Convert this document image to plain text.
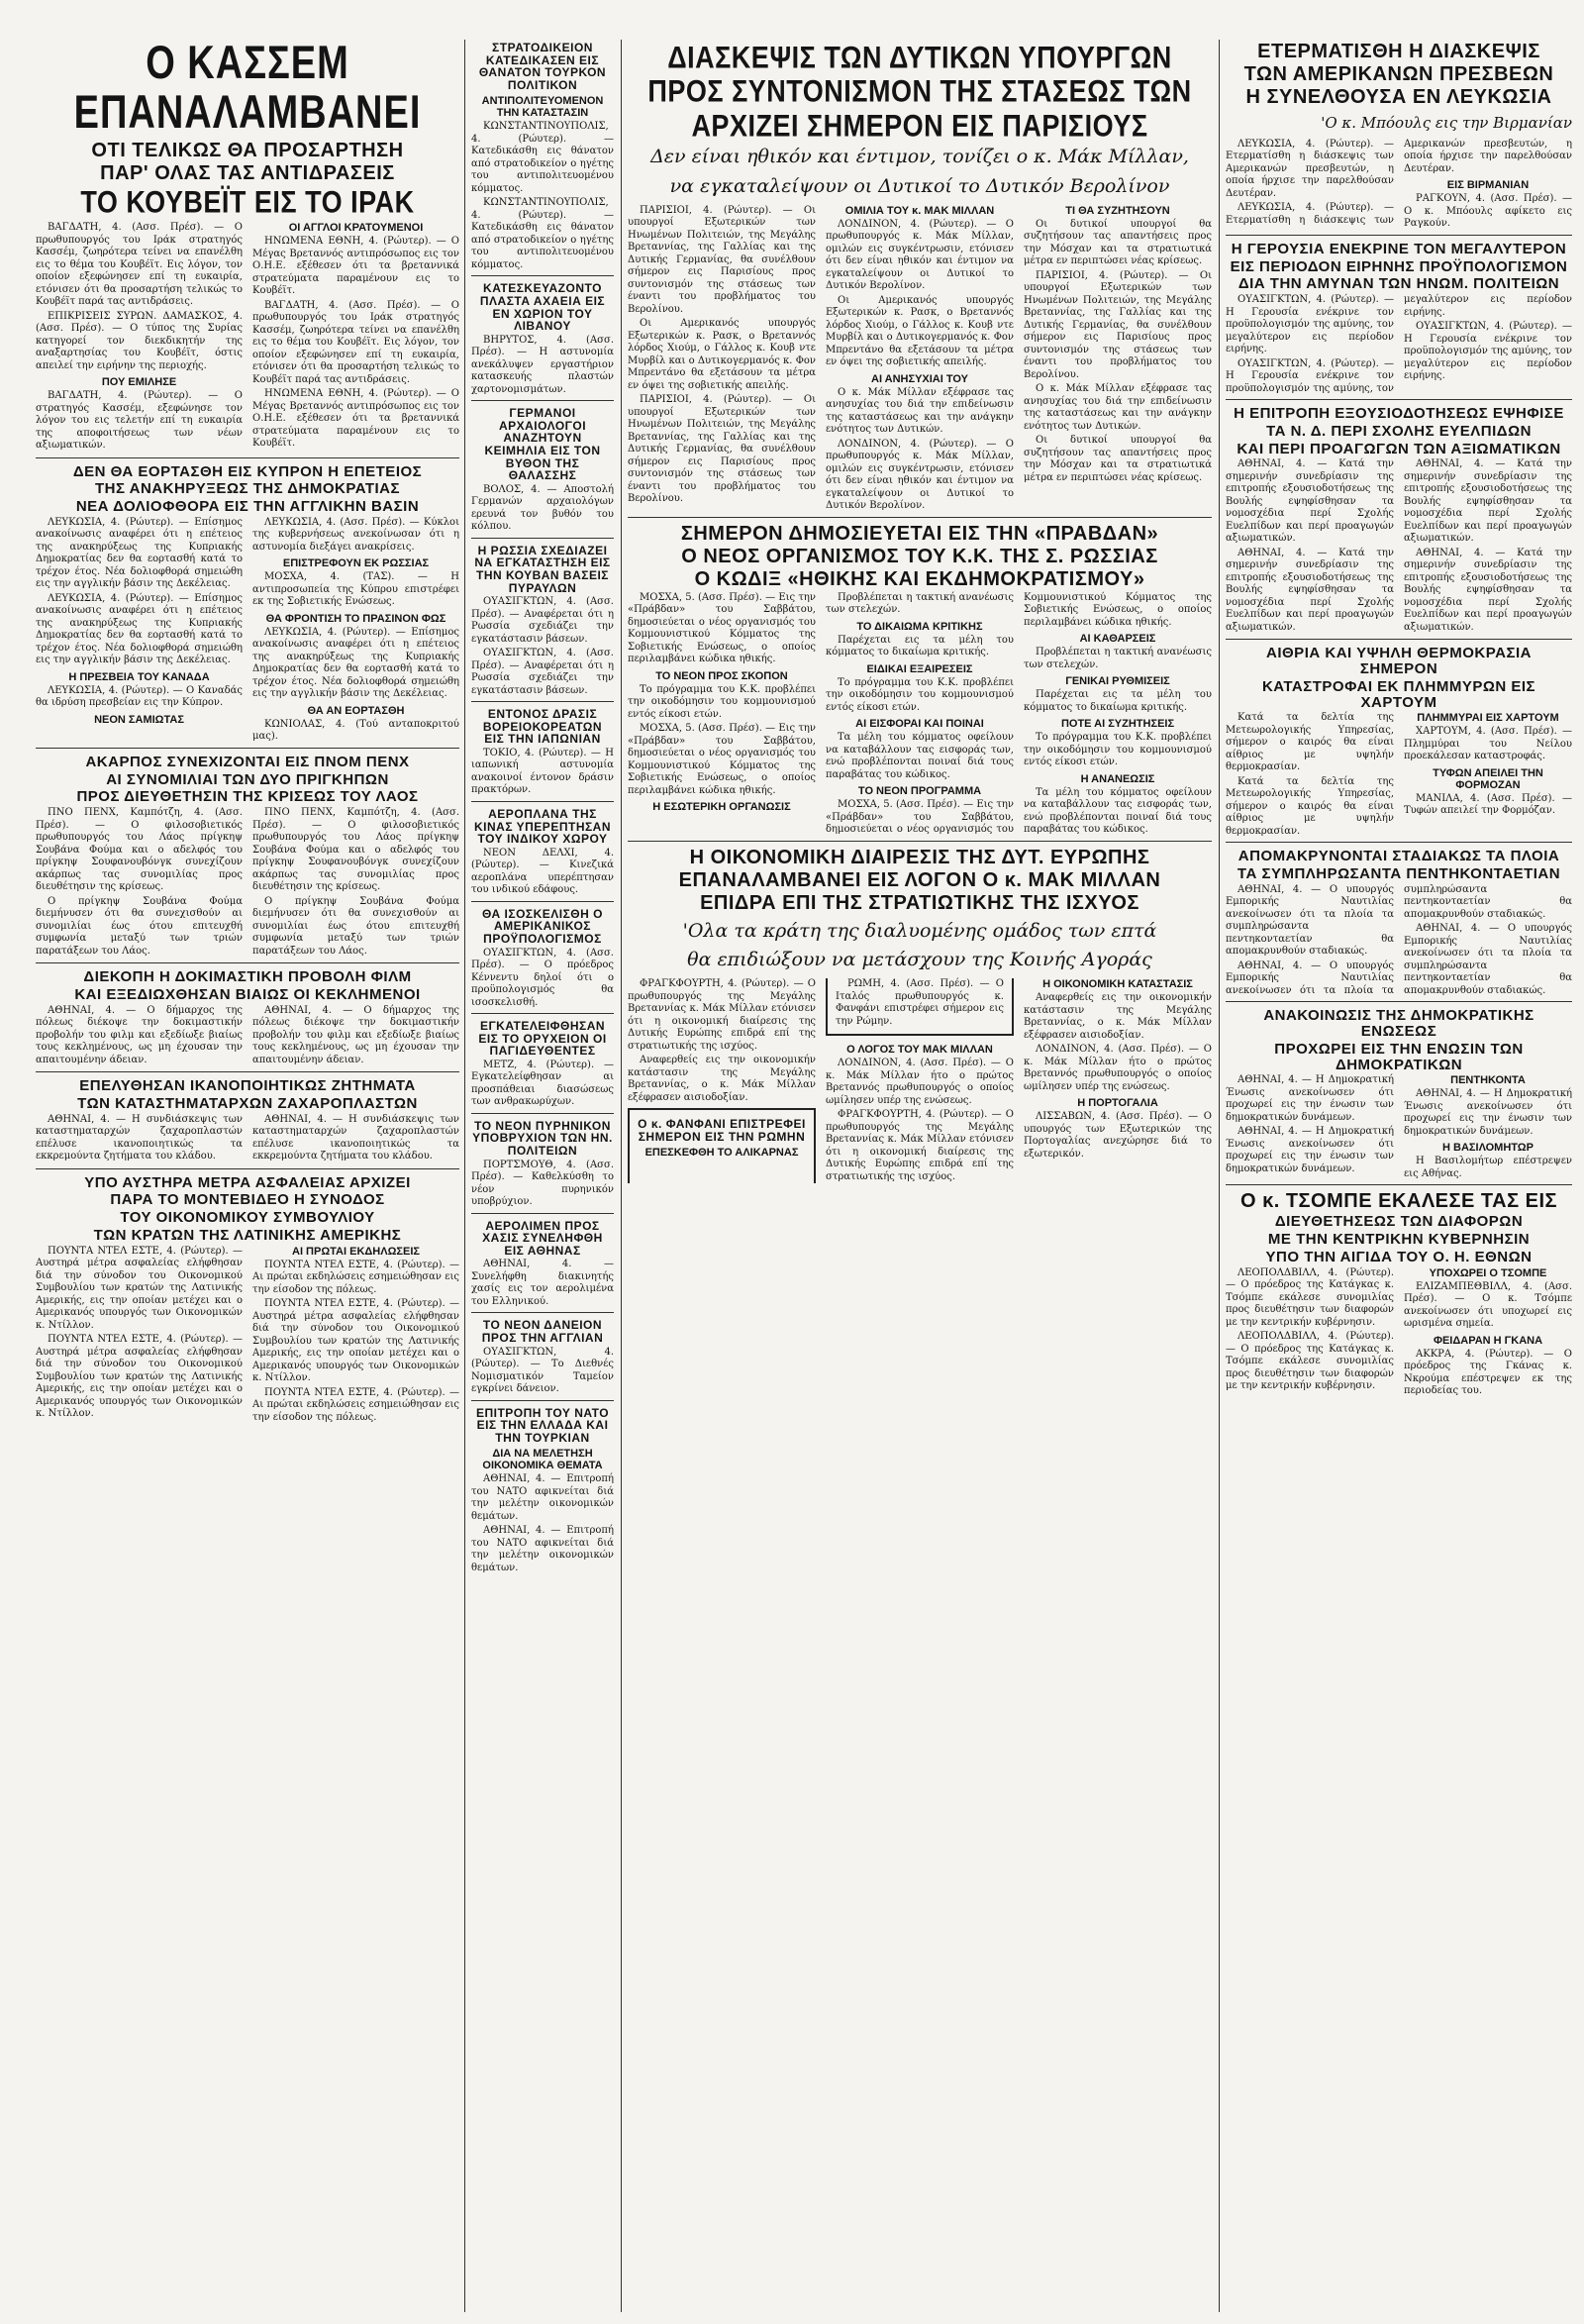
Ο ΚΑΣΣΕΜ ΕΠΑΝΑΛΑΜΒΑΝΕΙ
ΟΤΙ ΤΕΛΙΚΩΣ ΘΑ ΠΡΟΣΑΡΤΗΣΗ
ΠΑΡ' ΟΛΑΣ ΤΑΣ ΑΝΤΙΔΡΑΣΕΙΣ
ΤΟ ΚΟΥΒΕΪΤ ΕΙΣ ΤΟ ΙΡΑΚ

ΒΑΓΔΑΤΗ, 4. (Ασσ. Πρέσ). — Ο πρωθυπουργός του Ιράκ στρατηγός Κασσέμ, ζωηρότερα τείνει να επανέλθη εις το θέμα του Κουβέϊτ. Εις λόγον, τον οποίον εξεφώνησεν επί τη ευκαιρία, ετόνισεν ότι θα προσαρτήση τελικώς το Κουβέϊτ παρά τας αντιδράσεις.

ΕΠΙΚΡΙΣΕΙΣ ΣΥΡΩΝ. ΔΑΜΑΣΚΟΣ, 4. (Ασσ. Πρέσ). — Ο τύπος της Συρίας κατηγορεί τον διεκδικητήν της αναξαρτησίας του Κουβέϊτ, όστις απειλεί την ειρήνην της περιοχής.

ΠΟΥ ΕΜΙΛΗΣΕ

ΒΑΓΔΑΤΗ, 4. (Ρώυτερ). — Ο στρατηγός Κασσέμ, εξεφώνησε τον λόγον του εις τελετήν επί τη ευκαιρία της αποφοιτήσεως των νέων αξιωματικών.

ΟΙ ΑΓΓΛΟΙ ΚΡΑΤΟΥΜΕΝΟΙ

ΗΝΩΜΕΝΑ ΕΘΝΗ, 4. (Ρώυτερ). — Ο Μέγας Βρεταννός αντιπρόσωπος εις τον Ο.Η.Ε. εξέθεσεν ότι τα βρεταννικά στρατεύματα παραμένουν εις το Κουβέϊτ.

ΒΑΓΔΑΤΗ, 4. (Ασσ. Πρέσ). — Ο πρωθυπουργός του Ιράκ στρατηγός Κασσέμ, ζωηρότερα τείνει να επανέλθη εις το θέμα του Κουβέϊτ. Εις λόγον, τον οποίον εξεφώνησεν επί τη ευκαιρία, ετόνισεν ότι θα προσαρτήση τελικώς το Κουβέϊτ παρά τας αντιδράσεις.

ΗΝΩΜΕΝΑ ΕΘΝΗ, 4. (Ρώυτερ). — Ο Μέγας Βρεταννός αντιπρόσωπος εις τον Ο.Η.Ε. εξέθεσεν ότι τα βρεταννικά στρατεύματα παραμένουν εις το Κουβέϊτ.

ΔΕΝ ΘΑ ΕΟΡΤΑΣΘΗ ΕΙΣ ΚΥΠΡΟΝ Η ΕΠΕΤΕΙΟΣ
ΤΗΣ ΑΝΑΚΗΡΥΞΕΩΣ ΤΗΣ ΔΗΜΟΚΡΑΤΙΑΣ
ΝΕΑ ΔΟΛΙΟΦΘΟΡΑ ΕΙΣ ΤΗΝ ΑΓΓΛΙΚΗΝ ΒΑΣΙΝ

ΛΕΥΚΩΣΙΑ, 4. (Ρώυτερ). — Επίσημος ανακοίνωσις αναφέρει ότι η επέτειος της ανακηρύξεως της Κυπριακής Δημοκρατίας δεν θα εορτασθή κατά το τρέχον έτος. Νέα δολιοφθορά σημειώθη εις την αγγλικήν βάσιν της Δεκέλειας.

ΛΕΥΚΩΣΙΑ, 4. (Ρώυτερ). — Επίσημος ανακοίνωσις αναφέρει ότι η επέτειος της ανακηρύξεως της Κυπριακής Δημοκρατίας δεν θα εορτασθή κατά το τρέχον έτος. Νέα δολιοφθορά σημειώθη εις την αγγλικήν βάσιν της Δεκέλειας.

Η ΠΡΕΣΒΕΙΑ ΤΟΥ ΚΑΝΑΔΑ

ΛΕΥΚΩΣΙΑ, 4. (Ρώυτερ). — Ο Καναδάς θα ιδρύση πρεσβείαν εις την Κύπρον.

ΝΕΟΝ ΣΑΜΙΩΤΑΣ

ΛΕΥΚΩΣΙΑ, 4. (Ασσ. Πρέσ). — Κύκλοι της κυβερνήσεως ανεκοίνωσαν ότι η αστυνομία διεξάγει ανακρίσεις.

ΕΠΙΣΤΡΕΦΟΥΝ ΕΚ ΡΩΣΣΙΑΣ

ΜΟΣΧΑ, 4. (ΤΑΣ). — Η αντιπροσωπεία της Κύπρου επιστρέφει εκ της Σοβιετικής Ενώσεως.

ΘΑ ΦΡΟΝΤΙΣΗ ΤΟ ΠΡΑΣΙΝΟΝ ΦΩΣ

ΛΕΥΚΩΣΙΑ, 4. (Ρώυτερ). — Επίσημος ανακοίνωσις αναφέρει ότι η επέτειος της ανακηρύξεως της Κυπριακής Δημοκρατίας δεν θα εορτασθή κατά το τρέχον έτος. Νέα δολιοφθορά σημειώθη εις την αγγλικήν βάσιν της Δεκέλειας.

ΘΑ ΑΝ ΕΟΡΤΑΣΘΗ

ΚΩΝΙΟΛΑΣ, 4. (Τού ανταποκριτού μας).

ΑΚΑΡΠΟΣ ΣΥΝΕΧΙΖΟΝΤΑΙ ΕΙΣ ΠΝΟΜ ΠΕΝΧ
ΑΙ ΣΥΝΟΜΙΛΙΑΙ ΤΩΝ ΔΥΟ ΠΡΙΓΚΗΠΩΝ
ΠΡΟΣ ΔΙΕΥΘΕΤΗΣΙΝ ΤΗΣ ΚΡΙΣΕΩΣ ΤΟΥ ΛΑΟΣ

ΠΝΟ ΠΕΝΧ, Καμπότζη, 4. (Ασσ. Πρέσ). — Ο φιλοσοβιετικός πρωθυπουργός του Λάος πρίγκηψ Σουβάνα Φούμα και ο αδελφός του πρίγκηψ Σουφανουβόνγκ συνεχίζουν ακάρπως τας συνομιλίας προς διευθέτησιν της κρίσεως.

Ο πρίγκηψ Σουβάνα Φούμα διεμήνυσεν ότι θα συνεχισθούν αι συνομιλίαι έως ότου επιτευχθή συμφωνία μεταξύ των τριών παρατάξεων του Λάος.

ΠΝΟ ΠΕΝΧ, Καμπότζη, 4. (Ασσ. Πρέσ). — Ο φιλοσοβιετικός πρωθυπουργός του Λάος πρίγκηψ Σουβάνα Φούμα και ο αδελφός του πρίγκηψ Σουφανουβόνγκ συνεχίζουν ακάρπως τας συνομιλίας προς διευθέτησιν της κρίσεως.

Ο πρίγκηψ Σουβάνα Φούμα διεμήνυσεν ότι θα συνεχισθούν αι συνομιλίαι έως ότου επιτευχθή συμφωνία μεταξύ των τριών παρατάξεων του Λάος.

ΔΙΕΚΟΠΗ Η ΔΟΚΙΜΑΣΤΙΚΗ ΠΡΟΒΟΛΗ ΦΙΛΜ
ΚΑΙ ΕΞΕΔΙΩΧΘΗΣΑΝ ΒΙΑΙΩΣ ΟΙ ΚΕΚΛΗΜΕΝΟΙ

ΑΘΗΝΑΙ, 4. — Ο δήμαρχος της πόλεως διέκοψε την δοκιμαστικήν προβολήν του φιλμ και εξεδίωξε βιαίως τους κεκλημένους, ως μη έχουσαν την απαιτουμένην άδειαν.

ΑΘΗΝΑΙ, 4. — Ο δήμαρχος της πόλεως διέκοψε την δοκιμαστικήν προβολήν του φιλμ και εξεδίωξε βιαίως τους κεκλημένους, ως μη έχουσαν την απαιτουμένην άδειαν.

ΕΠΕΛΥΘΗΣΑΝ ΙΚΑΝΟΠΟΙΗΤΙΚΩΣ ΖΗΤΗΜΑΤΑ
ΤΩΝ ΚΑΤΑΣΤΗΜΑΤΑΡΧΩΝ ΖΑΧΑΡΟΠΛΑΣΤΩΝ

ΑΘΗΝΑΙ, 4. — Η συνδιάσκεψις των καταστηματαρχών ζαχαροπλαστών επέλυσε ικανοποιητικώς τα εκκρεμούντα ζητήματα του κλάδου.

ΑΘΗΝΑΙ, 4. — Η συνδιάσκεψις των καταστηματαρχών ζαχαροπλαστών επέλυσε ικανοποιητικώς τα εκκρεμούντα ζητήματα του κλάδου.

ΥΠΟ ΑΥΣΤΗΡΑ ΜΕΤΡΑ ΑΣΦΑΛΕΙΑΣ ΑΡΧΙΖΕΙ
ΠΑΡΑ ΤΟ ΜΟΝΤΕΒΙΔΕΟ Η ΣΥΝΟΔΟΣ
ΤΟΥ ΟΙΚΟΝΟΜΙΚΟΥ ΣΥΜΒΟΥΛΙΟΥ
ΤΩΝ ΚΡΑΤΩΝ ΤΗΣ ΛΑΤΙΝΙΚΗΣ ΑΜΕΡΙΚΗΣ

ΠΟΥΝΤΑ ΝΤΕΛ ΕΣΤΕ, 4. (Ρώυτερ). — Αυστηρά μέτρα ασφαλείας ελήφθησαν διά την σύνοδον του Οικονομικού Συμβουλίου των κρατών της Λατινικής Αμερικής, εις την οποίαν μετέχει και ο Αμερικανός υπουργός των Οικονομικών κ. Ντίλλον.

ΠΟΥΝΤΑ ΝΤΕΛ ΕΣΤΕ, 4. (Ρώυτερ). — Αυστηρά μέτρα ασφαλείας ελήφθησαν διά την σύνοδον του Οικονομικού Συμβουλίου των κρατών της Λατινικής Αμερικής, εις την οποίαν μετέχει και ο Αμερικανός υπουργός των Οικονομικών κ. Ντίλλον.

ΑΙ ΠΡΩΤΑΙ ΕΚΔΗΛΩΣΕΙΣ

ΠΟΥΝΤΑ ΝΤΕΛ ΕΣΤΕ, 4. (Ρώυτερ). — Αι πρώται εκδηλώσεις εσημειώθησαν εις την είσοδον της πόλεως.

ΠΟΥΝΤΑ ΝΤΕΛ ΕΣΤΕ, 4. (Ρώυτερ). — Αυστηρά μέτρα ασφαλείας ελήφθησαν διά την σύνοδον του Οικονομικού Συμβουλίου των κρατών της Λατινικής Αμερικής, εις την οποίαν μετέχει και ο Αμερικανός υπουργός των Οικονομικών κ. Ντίλλον.

ΠΟΥΝΤΑ ΝΤΕΛ ΕΣΤΕ, 4. (Ρώυτερ). — Αι πρώται εκδηλώσεις εσημειώθησαν εις την είσοδον της πόλεως.

ΣΤΡΑΤΟΔΙΚΕΙΟΝ ΚΑΤΕΔΙΚΑΣΕΝ ΕΙΣ ΘΑΝΑΤΟΝ ΤΟΥΡΚΟΝ ΠΟΛΙΤΙΚΟΝ
ΑΝΤΙΠΟΛΙΤΕΥΟΜΕΝΟΝ ΤΗΝ ΚΑΤΑΣΤΑΣΙΝ

ΚΩΝΣΤΑΝΤΙΝΟΥΠΟΛΙΣ, 4. (Ρώυτερ). — Κατεδικάσθη εις θάνατον από στρατοδικείον ο ηγέτης του αντιπολιτευομένου κόμματος.

ΚΩΝΣΤΑΝΤΙΝΟΥΠΟΛΙΣ, 4. (Ρώυτερ). — Κατεδικάσθη εις θάνατον από στρατοδικείον ο ηγέτης του αντιπολιτευομένου κόμματος.

ΚΑΤΕΣΚΕΥΑΖΟΝΤΟ ΠΛΑΣΤΑ ΑΧΑΕΙΑ ΕΙΣ ΕΝ ΧΩΡΙΟΝ ΤΟΥ ΛΙΒΑΝΟΥ

ΒΗΡΥΤΟΣ, 4. (Ασσ. Πρέσ). — Η αστυνομία ανεκάλυψεν εργαστήριον κατασκευής πλαστών χαρτονομισμάτων.

ΓΕΡΜΑΝΟΙ ΑΡΧΑΙΟΛΟΓΟΙ ΑΝΑΖΗΤΟΥΝ ΚΕΙΜΗΛΙΑ ΕΙΣ ΤΟΝ ΒΥΘΟΝ ΤΗΣ ΘΑΛΑΣΣΗΣ

ΒΟΛΟΣ, 4. — Αποστολή Γερμανών αρχαιολόγων ερευνά τον βυθόν του κόλπου.

Η ΡΩΣΣΙΑ ΣΧΕΔΙΑΖΕΙ ΝΑ ΕΓΚΑΤΑΣΤΗΣΗ ΕΙΣ ΤΗΝ ΚΟΥΒΑΝ ΒΑΣΕΙΣ ΠΥΡΑΥΛΩΝ

ΟΥΑΣΙΓΚΤΩΝ, 4. (Ασσ. Πρέσ). — Αναφέρεται ότι η Ρωσσία σχεδιάζει την εγκατάστασιν βάσεων.

ΟΥΑΣΙΓΚΤΩΝ, 4. (Ασσ. Πρέσ). — Αναφέρεται ότι η Ρωσσία σχεδιάζει την εγκατάστασιν βάσεων.

ΕΝΤΟΝΟΣ ΔΡΑΣΙΣ ΒΟΡΕΙΟΚΟΡΕΑΤΩΝ ΕΙΣ ΤΗΝ ΙΑΠΩΝΙΑΝ

ΤΟΚΙΟ, 4. (Ρώυτερ). — Η ιαπωνική αστυνομία ανακοινοί έντονον δράσιν πρακτόρων.

ΑΕΡΟΠΛΑΝΑ ΤΗΣ ΚΙΝΑΣ ΥΠΕΡΕΠΤΗΣΑΝ ΤΟΥ ΙΝΔΙΚΟΥ ΧΩΡΟΥ

ΝΕΟΝ ΔΕΛΧΙ, 4. (Ρώυτερ). — Κινεζικά αεροπλάνα υπερέπτησαν του ινδικού εδάφους.

ΘΑ ΙΣΟΣΚΕΛΙΣΘΗ Ο ΑΜΕΡΙΚΑΝΙΚΟΣ ΠΡΟΫΠΟΛΟΓΙΣΜΟΣ

ΟΥΑΣΙΓΚΤΩΝ, 4. (Ασσ. Πρέσ). — Ο πρόεδρος Κέννεντυ δηλοί ότι ο προϋπολογισμός θα ισοσκελισθή.

ΕΓΚΑΤΕΛΕΙΦΘΗΣΑΝ ΕΙΣ ΤΟ ΟΡΥΧΕΙΟΝ ΟΙ ΠΑΓΙΔΕΥΘΕΝΤΕΣ

ΜΕΤΖ, 4. (Ρώυτερ). — Εγκατελείφθησαν αι προσπάθειαι διασώσεως των ανθρακωρύχων.

ΤΟ ΝΕΟΝ ΠΥΡΗΝΙΚΟΝ ΥΠΟΒΡΥΧΙΟΝ ΤΩΝ ΗΝ. ΠΟΛΙΤΕΙΩΝ

ΠΟΡΤΣΜΟΥΘ, 4. (Ασσ. Πρέσ). — Καθελκύσθη το νέον πυρηνικόν υποβρύχιον.

ΑΕΡΟΛΙΜΕΝ ΠΡΟΣ ΧΑΣΙΣ ΣΥΝΕΛΗΦΘΗ ΕΙΣ ΑΘΗΝΑΣ

ΑΘΗΝΑΙ, 4. — Συνελήφθη διακινητής χασίς εις τον αερολιμένα του Ελληνικού.

ΤΟ ΝΕΟΝ ΔΑΝΕΙΟΝ ΠΡΟΣ ΤΗΝ ΑΓΓΛΙΑΝ

ΟΥΑΣΙΓΚΤΩΝ, 4. (Ρώυτερ). — Το Διεθνές Νομισματικόν Ταμείον εγκρίνει δάνειον.

ΕΠΙΤΡΟΠΗ ΤΟΥ ΝΑΤΟ ΕΙΣ ΤΗΝ ΕΛΛΑΔΑ ΚΑΙ ΤΗΝ ΤΟΥΡΚΙΑΝ
ΔΙΑ ΝΑ ΜΕΛΕΤΗΣΗ ΟΙΚΟΝΟΜΙΚΑ ΘΕΜΑΤΑ

ΑΘΗΝΑΙ, 4. — Επιτροπή του ΝΑΤΟ αφικνείται διά την μελέτην οικονομικών θεμάτων.

ΑΘΗΝΑΙ, 4. — Επιτροπή του ΝΑΤΟ αφικνείται διά την μελέτην οικονομικών θεμάτων.

ΔΙΑΣΚΕΨΙΣ ΤΩΝ ΔΥΤΙΚΩΝ ΥΠΟΥΡΓΩΝ
ΠΡΟΣ ΣΥΝΤΟΝΙΣΜΟΝ ΤΗΣ ΣΤΑΣΕΩΣ ΤΩΝ
ΑΡΧΙΖΕΙ ΣΗΜΕΡΟΝ ΕΙΣ ΠΑΡΙΣΙΟΥΣ
Δεν είναι ηθικόν και έντιμον, τονίζει ο κ. Μάκ Μίλλαν,
να εγκαταλείψουν οι Δυτικοί το Δυτικόν Βερολίνον

ΠΑΡΙΣΙΟΙ, 4. (Ρώυτερ). — Οι υπουργοί Εξωτερικών των Ηνωμένων Πολιτειών, της Μεγάλης Βρεταννίας, της Γαλλίας και της Δυτικής Γερμανίας, θα συνέλθουν σήμερον εις Παρισίους προς συντονισμόν της στάσεως των έναντι του προβλήματος του Βερολίνου.

Οι Αμερικανός υπουργός Εξωτερικών κ. Ρασκ, ο Βρεταννός λόρδος Χιούμ, ο Γάλλος κ. Κουβ ντε Μυρβίλ και ο Δυτικογερμανός κ. Φον Μπρεντάνο θα εξετάσουν τα μέτρα εν όψει της σοβιετικής απειλής.

ΠΑΡΙΣΙΟΙ, 4. (Ρώυτερ). — Οι υπουργοί Εξωτερικών των Ηνωμένων Πολιτειών, της Μεγάλης Βρεταννίας, της Γαλλίας και της Δυτικής Γερμανίας, θα συνέλθουν σήμερον εις Παρισίους προς συντονισμόν της στάσεως των έναντι του προβλήματος του Βερολίνου.

ΟΜΙΛΙΑ ΤΟΥ κ. ΜΑΚ ΜΙΛΛΑΝ

ΛΟΝΔΙΝΟΝ, 4. (Ρώυτερ). — Ο πρωθυπουργός κ. Μάκ Μίλλαν, ομιλών εις συγκέντρωσιν, ετόνισεν ότι δεν είναι ηθικόν και έντιμον να εγκαταλείψουν οι Δυτικοί το Δυτικόν Βερολίνον.

Οι Αμερικανός υπουργός Εξωτερικών κ. Ρασκ, ο Βρεταννός λόρδος Χιούμ, ο Γάλλος κ. Κουβ ντε Μυρβίλ και ο Δυτικογερμανός κ. Φον Μπρεντάνο θα εξετάσουν τα μέτρα εν όψει της σοβιετικής απειλής.

ΑΙ ΑΝΗΣΥΧΙΑΙ ΤΟΥ

Ο κ. Μάκ Μίλλαν εξέφρασε τας ανησυχίας του διά την επιδείνωσιν της καταστάσεως και την ανάγκην ενότητος των Δυτικών.

ΛΟΝΔΙΝΟΝ, 4. (Ρώυτερ). — Ο πρωθυπουργός κ. Μάκ Μίλλαν, ομιλών εις συγκέντρωσιν, ετόνισεν ότι δεν είναι ηθικόν και έντιμον να εγκαταλείψουν οι Δυτικοί το Δυτικόν Βερολίνον.

ΤΙ ΘΑ ΣΥΖΗΤΗΣΟΥΝ

Οι δυτικοί υπουργοί θα συζητήσουν τας απαντήσεις προς την Μόσχαν και τα στρατιωτικά μέτρα εν περιπτώσει νέας κρίσεως.

ΠΑΡΙΣΙΟΙ, 4. (Ρώυτερ). — Οι υπουργοί Εξωτερικών των Ηνωμένων Πολιτειών, της Μεγάλης Βρεταννίας, της Γαλλίας και της Δυτικής Γερμανίας, θα συνέλθουν σήμερον εις Παρισίους προς συντονισμόν της στάσεως των έναντι του προβλήματος του Βερολίνου.

Ο κ. Μάκ Μίλλαν εξέφρασε τας ανησυχίας του διά την επιδείνωσιν της καταστάσεως και την ανάγκην ενότητος των Δυτικών.

Οι δυτικοί υπουργοί θα συζητήσουν τας απαντήσεις προς την Μόσχαν και τα στρατιωτικά μέτρα εν περιπτώσει νέας κρίσεως.

ΣΗΜΕΡΟΝ ΔΗΜΟΣΙΕΥΕΤΑΙ ΕΙΣ ΤΗΝ «ΠΡΑΒΔΑΝ»
Ο ΝΕΟΣ ΟΡΓΑΝΙΣΜΟΣ ΤΟΥ Κ.Κ. ΤΗΣ Σ. ΡΩΣΣΙΑΣ
Ο ΚΩΔΙΞ «ΗΘΙΚΗΣ ΚΑΙ ΕΚΔΗΜΟΚΡΑΤΙΣΜΟΥ»

ΜΟΣΧΑ, 5. (Ασσ. Πρέσ). — Εις την «Πράβδαν» του Σαββάτου, δημοσιεύεται ο νέος οργανισμός του Κομμουνιστικού Κόμματος της Σοβιετικής Ενώσεως, ο οποίος περιλαμβάνει κώδικα ηθικής.

ΤΟ ΝΕΟΝ ΠΡΟΣ ΣΚΟΠΟΝ

Το πρόγραμμα του Κ.Κ. προβλέπει την οικοδόμησιν του κομμουνισμού εντός είκοσι ετών.

ΜΟΣΧΑ, 5. (Ασσ. Πρέσ). — Εις την «Πράβδαν» του Σαββάτου, δημοσιεύεται ο νέος οργανισμός του Κομμουνιστικού Κόμματος της Σοβιετικής Ενώσεως, ο οποίος περιλαμβάνει κώδικα ηθικής.

Η ΕΣΩΤΕΡΙΚΗ ΟΡΓΑΝΩΣΙΣ

Προβλέπεται η τακτική ανανέωσις των στελεχών.

ΤΟ ΔΙΚΑΙΩΜΑ ΚΡΙΤΙΚΗΣ

Παρέχεται εις τα μέλη του κόμματος το δικαίωμα κριτικής.

ΕΙΔΙΚΑΙ ΕΞΑΙΡΕΣΕΙΣ

Το πρόγραμμα του Κ.Κ. προβλέπει την οικοδόμησιν του κομμουνισμού εντός είκοσι ετών.

ΑΙ ΕΙΣΦΟΡΑΙ ΚΑΙ ΠΟΙΝΑΙ

Τα μέλη του κόμματος οφείλουν να καταβάλλουν τας εισφοράς των, ενώ προβλέπονται ποιναί διά τους παραβάτας του κώδικος.

ΤΟ ΝΕΟΝ ΠΡΟΓΡΑΜΜΑ

ΜΟΣΧΑ, 5. (Ασσ. Πρέσ). — Εις την «Πράβδαν» του Σαββάτου, δημοσιεύεται ο νέος οργανισμός του Κομμουνιστικού Κόμματος της Σοβιετικής Ενώσεως, ο οποίος περιλαμβάνει κώδικα ηθικής.

ΑΙ ΚΑΘΑΡΣΕΙΣ

Προβλέπεται η τακτική ανανέωσις των στελεχών.

ΓΕΝΙΚΑΙ ΡΥΘΜΙΣΕΙΣ

Παρέχεται εις τα μέλη του κόμματος το δικαίωμα κριτικής.

ΠΟΤΕ ΑΙ ΣΥΖΗΤΗΣΕΙΣ

Το πρόγραμμα του Κ.Κ. προβλέπει την οικοδόμησιν του κομμουνισμού εντός είκοσι ετών.

Η ΑΝΑΝΕΩΣΙΣ

Τα μέλη του κόμματος οφείλουν να καταβάλλουν τας εισφοράς των, ενώ προβλέπονται ποιναί διά τους παραβάτας του κώδικος.

Η ΟΙΚΟΝΟΜΙΚΗ ΔΙΑΙΡΕΣΙΣ ΤΗΣ ΔΥΤ. ΕΥΡΩΠΗΣ
ΕΠΑΝΑΛΑΜΒΑΝΕΙ ΕΙΣ ΛΟΓΟΝ Ο κ. ΜΑΚ ΜΙΛΛΑΝ
ΕΠΙΔΡΑ ΕΠΙ ΤΗΣ ΣΤΡΑΤΙΩΤΙΚΗΣ ΤΗΣ ΙΣΧΥΟΣ
'Ολα τα κράτη της διαλυομένης ομάδος των επτά
θα επιδιώξουν να μετάσχουν της Κοινής Αγοράς

ΦΡΑΓΚΦΟΥΡΤΗ, 4. (Ρώυτερ). — Ο πρωθυπουργός της Μεγάλης Βρεταννίας κ. Μάκ Μίλλαν ετόνισεν ότι η οικονομική διαίρεσις της Δυτικής Ευρώπης επιδρά επί της στρατιωτικής της ισχύος.

Αναφερθείς εις την οικονομικήν κατάστασιν της Μεγάλης Βρεταννίας, ο κ. Μάκ Μίλλαν εξέφρασεν αισιοδοξίαν.

Ο κ. ΦΑΝΦΑΝΙ ΕΠΙΣΤΡΕΦΕΙ ΣΗΜΕΡΟΝ ΕΙΣ ΤΗΝ ΡΩΜΗΝ
ΕΠΕΣΚΕΦΘΗ ΤΟ ΑΛΙΚΑΡΝΑΣ

ΡΩΜΗ, 4. (Ασσ. Πρέσ). — Ο Ιταλός πρωθυπουργός κ. Φανφάνι επιστρέφει σήμερον εις την Ρώμην.

Ο ΛΟΓΟΣ ΤΟΥ ΜΑΚ ΜΙΛΛΑΝ

ΛΟΝΔΙΝΟΝ, 4. (Ασσ. Πρέσ). — Ο κ. Μάκ Μίλλαν ήτο ο πρώτος Βρεταννός πρωθυπουργός ο οποίος ωμίλησεν υπέρ της ενώσεως.

ΦΡΑΓΚΦΟΥΡΤΗ, 4. (Ρώυτερ). — Ο πρωθυπουργός της Μεγάλης Βρεταννίας κ. Μάκ Μίλλαν ετόνισεν ότι η οικονομική διαίρεσις της Δυτικής Ευρώπης επιδρά επί της στρατιωτικής της ισχύος.

Η ΟΙΚΟΝΟΜΙΚΗ ΚΑΤΑΣΤΑΣΙΣ

Αναφερθείς εις την οικονομικήν κατάστασιν της Μεγάλης Βρεταννίας, ο κ. Μάκ Μίλλαν εξέφρασεν αισιοδοξίαν.

ΛΟΝΔΙΝΟΝ, 4. (Ασσ. Πρέσ). — Ο κ. Μάκ Μίλλαν ήτο ο πρώτος Βρεταννός πρωθυπουργός ο οποίος ωμίλησεν υπέρ της ενώσεως.

Η ΠΟΡΤΟΓΑΛΙΑ

ΛΙΣΣΑΒΩΝ, 4. (Ασσ. Πρέσ). — Ο υπουργός των Εξωτερικών της Πορτογαλίας ανεχώρησε διά το εξωτερικόν.

ΕΤΕΡΜΑΤΙΣΘΗ Η ΔΙΑΣΚΕΨΙΣ
ΤΩΝ ΑΜΕΡΙΚΑΝΩΝ ΠΡΕΣΒΕΩΝ
Η ΣΥΝΕΛΘΟΥΣΑ ΕΝ ΛΕΥΚΩΣΙΑ
'Ο κ. Μπόουλς εις την Βιρμανίαν

ΛΕΥΚΩΣΙΑ, 4. (Ρώυτερ). — Ετερματίσθη η διάσκεψις των Αμερικανών πρεσβευτών, η οποία ήρχισε την παρελθούσαν Δευτέραν.

ΛΕΥΚΩΣΙΑ, 4. (Ρώυτερ). — Ετερματίσθη η διάσκεψις των Αμερικανών πρεσβευτών, η οποία ήρχισε την παρελθούσαν Δευτέραν.

ΕΙΣ ΒΙΡΜΑΝΙΑΝ

ΡΑΓΚΟΥΝ, 4. (Ασσ. Πρέσ). — Ο κ. Μπόουλς αφίκετο εις Ραγκούν.

Η ΓΕΡΟΥΣΙΑ ΕΝΕΚΡΙΝΕ ΤΟΝ ΜΕΓΑΛΥΤΕΡΟΝ
ΕΙΣ ΠΕΡΙΟΔΟΝ ΕΙΡΗΝΗΣ ΠΡΟΫΠΟΛΟΓΙΣΜΟΝ
ΔΙΑ ΤΗΝ ΑΜΥΝΑΝ ΤΩΝ ΗΝΩΜ. ΠΟΛΙΤΕΙΩΝ

ΟΥΑΣΙΓΚΤΩΝ, 4. (Ρώυτερ). — Η Γερουσία ενέκρινε τον προϋπολογισμόν της αμύνης, τον μεγαλύτερον εις περίοδον ειρήνης.

ΟΥΑΣΙΓΚΤΩΝ, 4. (Ρώυτερ). — Η Γερουσία ενέκρινε τον προϋπολογισμόν της αμύνης, τον μεγαλύτερον εις περίοδον ειρήνης.

ΟΥΑΣΙΓΚΤΩΝ, 4. (Ρώυτερ). — Η Γερουσία ενέκρινε τον προϋπολογισμόν της αμύνης, τον μεγαλύτερον εις περίοδον ειρήνης.

Η ΕΠΙΤΡΟΠΗ ΕΞΟΥΣΙΟΔΟΤΗΣΕΩΣ ΕΨΗΦΙΣΕ
ΤΑ Ν. Δ. ΠΕΡΙ ΣΧΟΛΗΣ ΕΥΕΛΠΙΔΩΝ
ΚΑΙ ΠΕΡΙ ΠΡΟΑΓΩΓΩΝ ΤΩΝ ΑΞΙΩΜΑΤΙΚΩΝ

ΑΘΗΝΑΙ, 4. — Κατά την σημερινήν συνεδρίασιν της επιτροπής εξουσιοδοτήσεως της Βουλής εψηφίσθησαν τα νομοσχέδια περί Σχολής Ευελπίδων και περί προαγωγών αξιωματικών.

ΑΘΗΝΑΙ, 4. — Κατά την σημερινήν συνεδρίασιν της επιτροπής εξουσιοδοτήσεως της Βουλής εψηφίσθησαν τα νομοσχέδια περί Σχολής Ευελπίδων και περί προαγωγών αξιωματικών.

ΑΘΗΝΑΙ, 4. — Κατά την σημερινήν συνεδρίασιν της επιτροπής εξουσιοδοτήσεως της Βουλής εψηφίσθησαν τα νομοσχέδια περί Σχολής Ευελπίδων και περί προαγωγών αξιωματικών.

ΑΘΗΝΑΙ, 4. — Κατά την σημερινήν συνεδρίασιν της επιτροπής εξουσιοδοτήσεως της Βουλής εψηφίσθησαν τα νομοσχέδια περί Σχολής Ευελπίδων και περί προαγωγών αξιωματικών.

ΑΙΘΡΙΑ ΚΑΙ ΥΨΗΛΗ ΘΕΡΜΟΚΡΑΣΙΑ ΣΗΜΕΡΟΝ
ΚΑΤΑΣΤΡΟΦΑΙ ΕΚ ΠΛΗΜΜΥΡΩΝ ΕΙΣ ΧΑΡΤΟΥΜ

Κατά τα δελτία της Μετεωρολογικής Υπηρεσίας, σήμερον ο καιρός θα είναι αίθριος με υψηλήν θερμοκρασίαν.

Κατά τα δελτία της Μετεωρολογικής Υπηρεσίας, σήμερον ο καιρός θα είναι αίθριος με υψηλήν θερμοκρασίαν.

ΠΛΗΜΜΥΡΑΙ ΕΙΣ ΧΑΡΤΟΥΜ

ΧΑΡΤΟΥΜ, 4. (Ασσ. Πρέσ). — Πλημμύραι του Νείλου προεκάλεσαν καταστροφάς.

ΤΥΦΩΝ ΑΠΕΙΛΕΙ ΤΗΝ ΦΟΡΜΟΖΑΝ

ΜΑΝΙΛΑ, 4. (Ασσ. Πρέσ). — Τυφών απειλεί την Φορμόζαν.

ΑΠΟΜΑΚΡΥΝΟΝΤΑΙ ΣΤΑΔΙΑΚΩΣ ΤΑ ΠΛΟΙΑ
ΤΑ ΣΥΜΠΛΗΡΩΣΑΝΤΑ ΠΕΝΤΗΚΟΝΤΑΕΤΙΑΝ

ΑΘΗΝΑΙ, 4. — Ο υπουργός Εμπορικής Ναυτιλίας ανεκοίνωσεν ότι τα πλοία τα συμπληρώσαντα πεντηκονταετίαν θα απομακρυνθούν σταδιακώς.

ΑΘΗΝΑΙ, 4. — Ο υπουργός Εμπορικής Ναυτιλίας ανεκοίνωσεν ότι τα πλοία τα συμπληρώσαντα πεντηκονταετίαν θα απομακρυνθούν σταδιακώς.

ΑΘΗΝΑΙ, 4. — Ο υπουργός Εμπορικής Ναυτιλίας ανεκοίνωσεν ότι τα πλοία τα συμπληρώσαντα πεντηκονταετίαν θα απομακρυνθούν σταδιακώς.

ΑΝΑΚΟΙΝΩΣΙΣ ΤΗΣ ΔΗΜΟΚΡΑΤΙΚΗΣ ΕΝΩΣΕΩΣ
ΠΡΟΧΩΡΕΙ ΕΙΣ ΤΗΝ ΕΝΩΣΙΝ ΤΩΝ ΔΗΜΟΚΡΑΤΙΚΩΝ

ΑΘΗΝΑΙ, 4. — Η Δημοκρατική Ένωσις ανεκοίνωσεν ότι προχωρεί εις την ένωσιν των δημοκρατικών δυνάμεων.

ΑΘΗΝΑΙ, 4. — Η Δημοκρατική Ένωσις ανεκοίνωσεν ότι προχωρεί εις την ένωσιν των δημοκρατικών δυνάμεων.

ΠΕΝΤΗΚΟΝΤΑ

ΑΘΗΝΑΙ, 4. — Η Δημοκρατική Ένωσις ανεκοίνωσεν ότι προχωρεί εις την ένωσιν των δημοκρατικών δυνάμεων.

Η ΒΑΣΙΛΟΜΗΤΩΡ

Η Βασιλομήτωρ επέστρεψεν εις Αθήνας.

Ο κ. ΤΣΟΜΠΕ ΕΚΑΛΕΣΕ ΤΑΣ ΕΙΣ
ΔΙΕΥΘΕΤΗΣΕΩΣ ΤΩΝ ΔΙΑΦΟΡΩΝ
ΜΕ ΤΗΝ ΚΕΝΤΡΙΚΗΝ ΚΥΒΕΡΝΗΣΙΝ
ΥΠΟ ΤΗΝ ΑΙΓΙΔΑ ΤΟΥ Ο. Η. ΕΘΝΩΝ

ΛΕΟΠΟΛΔΒΙΛΛ, 4. (Ρώυτερ). — Ο πρόεδρος της Κατάγκας κ. Τσόμπε εκάλεσε συνομιλίας προς διευθέτησιν των διαφορών με την κεντρικήν κυβέρνησιν.

ΛΕΟΠΟΛΔΒΙΛΛ, 4. (Ρώυτερ). — Ο πρόεδρος της Κατάγκας κ. Τσόμπε εκάλεσε συνομιλίας προς διευθέτησιν των διαφορών με την κεντρικήν κυβέρνησιν.

ΥΠΟΧΩΡΕΙ Ο ΤΣΟΜΠΕ

ΕΛΙΖΑΜΠΕΘΒΙΛΛ, 4. (Ασσ. Πρέσ). — Ο κ. Τσόμπε ανεκοίνωσεν ότι υποχωρεί εις ωρισμένα σημεία.

ΦΕΙΔΑΡΑΝ Η ΓΚΑΝΑ

ΑΚΚΡΑ, 4. (Ρώυτερ). — Ο πρόεδρος της Γκάνας κ. Νκρούμα επέστρεψεν εκ της περιοδείας του.
